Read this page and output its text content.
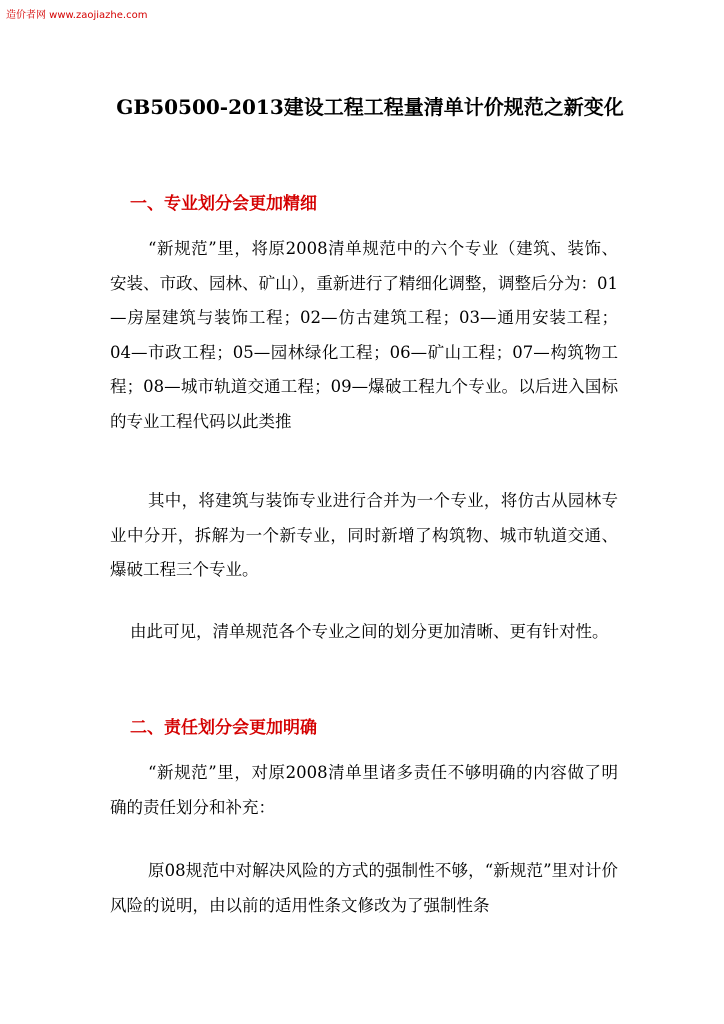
造价者网 www.zaojiazhe.com
GB50500-2013建设工程工程量清单计价规范之新变化
一、专业划分会更加精细

“新规范”里，将原2008清单规范中的六个专业（建筑、装饰、安装、市政、园林、矿山），重新进行了精细化调整，调整后分为：01—房屋建筑与装饰工程；02—仿古建筑工程；03—通用安装工程；04—市政工程；05—园林绿化工程；06—矿山工程；07—构筑物工程；08—城市轨道交通工程；09—爆破工程九个专业。以后进入国标的专业工程代码以此类推

其中，将建筑与装饰专业进行合并为一个专业，将仿古从园林专业中分开，拆解为一个新专业，同时新增了构筑物、城市轨道交通、爆破工程三个专业。

由此可见，清单规范各个专业之间的划分更加清晰、更有针对性。

二、责任划分会更加明确

“新规范”里，对原2008清单里诸多责任不够明确的内容做了明确的责任划分和补充：

原08规范中对解决风险的方式的强制性不够，“新规范”里对计价风险的说明，由以前的适用性条文修改为了强制性条
